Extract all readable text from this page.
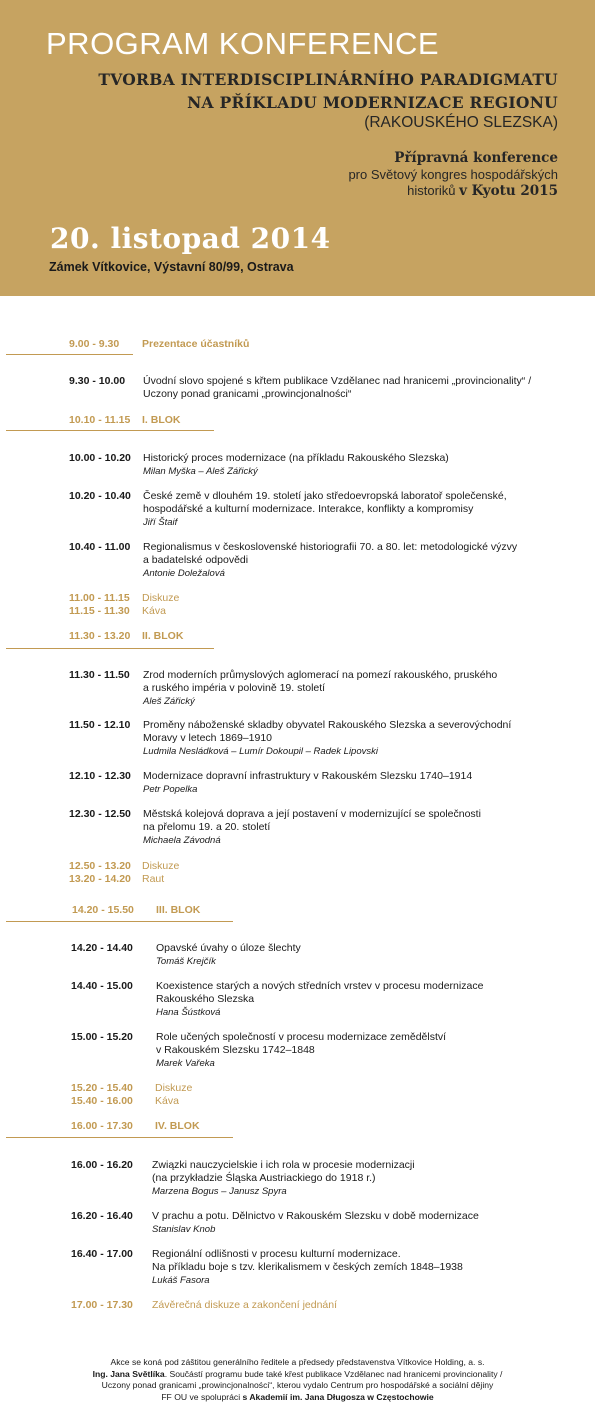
PROGRAM KONFERENCE
TVORBA INTERDISCIPLINÁRNÍHO PARADIGMATU
NA PŘÍKLADU MODERNIZACE REGIONU
(RAKOUSKÉHO SLEZSKA)
Přípravná konference
pro Světový kongres hospodářských
historiků v Kyotu 2015
20. listopad 2014
Zámek Vítkovice, Výstavní 80/99, Ostrava
9.00 - 9.30 Prezentace účastníků
9.30 - 10.00 Úvodní slovo spojené s křtem publikace Vzdělanec nad hranicemi „provincionality“ /
Uczony ponad granicami „prowincjonalności“
10.10 - 11.15 I. BLOK
10.00 - 10.20 Historický proces modernizace (na příkladu Rakouského Slezska)
Milan Myška – Aleš Zářický
10.20 - 10.40 České země v dlouhém 19. století jako středoevropská laboratoř společenské,
hospodářské a kulturní modernizace. Interakce, konflikty a kompromisy
Jiří Štaif
10.40 - 11.00 Regionalismus v československé historiografii 70. a 80. let: metodologické výzvy
a badatelské odpovědi
Antonie Doležalová
11.00 - 11.15 Diskuze
11.15 - 11.30 Káva
11.30 - 13.20 II. BLOK
11.30 - 11.50 Zrod moderních průmyslových aglomerací na pomezí rakouského, pruského
a ruského impéria v polovině 19. století
Aleš Zářický
11.50 - 12.10 Proměny náboženské skladby obyvatel Rakouského Slezska a severovýchodní
Moravy v letech 1869–1910
Ludmila Nesládková – Lumír Dokoupil – Radek Lipovski
12.10 - 12.30 Modernizace dopravní infrastruktury v Rakouském Slezsku 1740–1914
Petr Popelka
12.30 - 12.50 Městská kolejová doprava a její postavení v modernizující se společnosti
na přelomu 19. a 20. století
Michaela Závodná
12.50 - 13.20 Diskuze
13.20 - 14.20 Raut
14.20 - 15.50 III. BLOK
14.20 - 14.40 Opavské úvahy o úloze šlechty
Tomáš Krejčík
14.40 - 15.00 Koexistence starých a nových středních vrstev v procesu modernizace
Rakouského Slezska
Hana Šústková
15.00 - 15.20 Role učených společností v procesu modernizace zemědělství
v Rakouském Slezsku 1742–1848
Marek Vařeka
15.20 - 15.40 Diskuze
15.40 - 16.00 Káva
16.00 - 17.30 IV. BLOK
16.00 - 16.20 Związki nauczycielskie i ich rola w procesie modernizacji
(na przykładzie Śląska Austriackiego do 1918 r.)
Marzena Bogus – Janusz Spyra
16.20 - 16.40 V prachu a potu. Dělnictvo v Rakouském Slezsku v době modernizace
Stanislav Knob
16.40 - 17.00 Regionální odlišnosti v procesu kulturní modernizace.
Na příkladu boje s tzv. klerikalismem v českých zemích 1848–1938
Lukáš Fasora
17.00 - 17.30 Závěrečná diskuze a zakončení jednání
Akce se koná pod záštitou generálního ředitele a předsedy představenstva Vítkovice Holding, a. s.
Ing. Jana Světlíka. Součástí programu bude také křest publikace Vzdělanec nad hranicemi provincionality /
Uczony ponad granicami „prowincjonalności“, kterou vydalo Centrum pro hospodářské a sociální dějiny
FF OU ve spolupráci s Akademií im. Jana Długosza w Częstochowie
